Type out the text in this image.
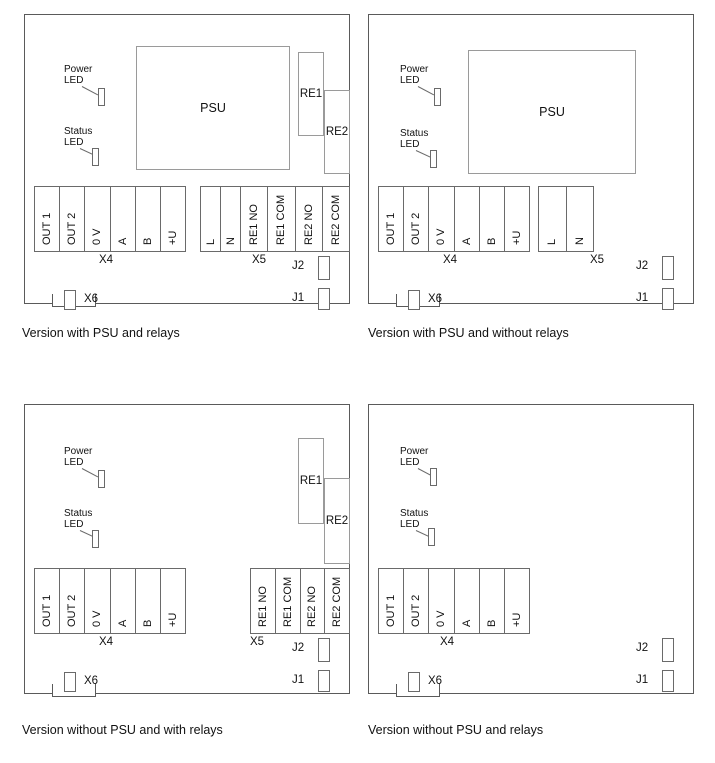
PSU
RE1
RE2
Power
LED
Status
LED
OUT 1 OUT 2 0 V A B +U
X4
L N RE1 NO RE1 COM RE2 NO RE2 COM
X5 J2
J1
X6
Version with PSU and relays
PSU
Power
LED
Status
LED
OUT 1 OUT 2 0 V A B +U
X4
L N
X5	J2
J1
X6
Version with PSU and without relays
RE1
RE2
Power
LED
Status
LED
OUT 1 OUT 2 0 V A B +U
X4
RE1 NO RE1 COM RE2 NO RE2 COM
X5 J2
J1
X6
Version without PSU and with relays
Power
LED
Status
LED
OUT 1 OUT 2 0 V A B +U
X4	J2
J1
X6
Version without PSU and relays
